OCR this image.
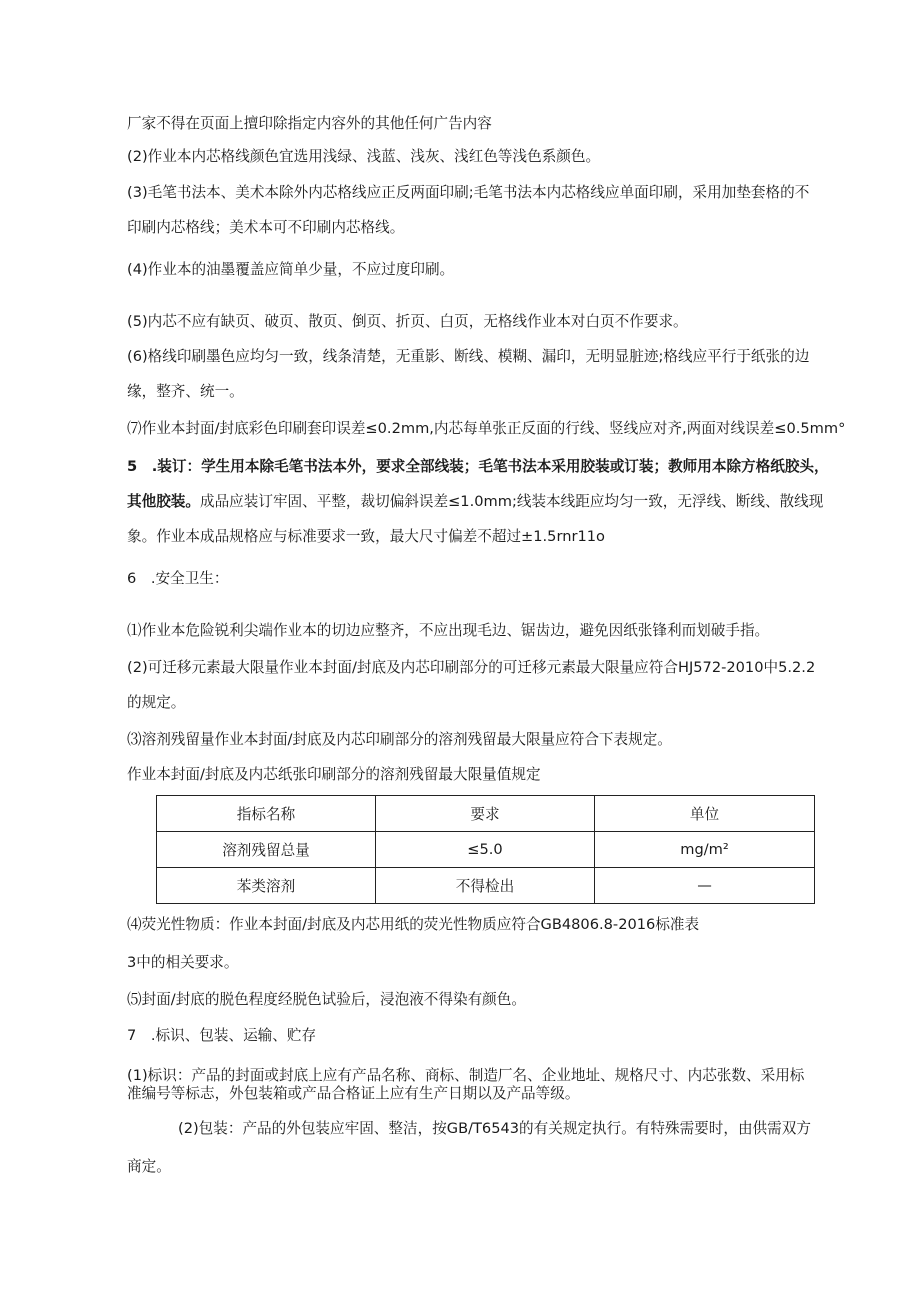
厂家不得在页面上擅印除指定内容外的其他任何广告内容

(2)作业本内芯格线颜色宜选用浅绿、浅蓝、浅灰、浅红色等浅色系颜色。

(3)毛笔书法本、美术本除外内芯格线应正反两面印刷;毛笔书法本内芯格线应单面印刷，采用加垫套格的不

印刷内芯格线；美术本可不印刷内芯格线。

(4)作业本的油墨覆盖应简单少量，不应过度印刷。

(5)内芯不应有缺页、破页、散页、倒页、折页、白页，无格线作业本对白页不作要求。

(6)格线印刷墨色应均匀一致，线条清楚，无重影、断线、模糊、漏印，无明显脏迹;格线应平行于纸张的边

缘，整齐、统一。

⑺作业本封面/封底彩色印刷套印误差≤0.2mm,内芯每单张正反面的行线、竖线应对齐,两面对线误差≤0.5mm°

5　.装订：学生用本除毛笔书法本外，要求全部线装；毛笔书法本采用胶装或订装；教师用本除方格纸胶头，

其他胶装。成品应装订牢固、平整，裁切偏斜误差≤1.0mm;线装本线距应均匀一致，无浮线、断线、散线现

象。作业本成品规格应与标准要求一致，最大尺寸偏差不超过±1.5rnr11o

6　.安全卫生：

⑴作业本危险锐利尖端作业本的切边应整齐，不应出现毛边、锯齿边，避免因纸张锋利而划破手指。

(2)可迁移元素最大限量作业本封面/封底及内芯印刷部分的可迁移元素最大限量应符合HJ572-2010中5.2.2

的规定。

⑶溶剂残留量作业本封面/封底及内芯印刷部分的溶剂残留最大限量应符合下表规定。

作业本封面/封底及内芯纸张印刷部分的溶剂残留最大限量值规定

指标名称	要求	单位
溶剂残留总量	≤5.0	mg/m²
苯类溶剂	不得检出	—

⑷荧光性物质：作业本封面/封底及内芯用纸的荧光性物质应符合GB4806.8-2016标准表

3中的相关要求。

⑸封面/封底的脱色程度经脱色试验后，浸泡液不得染有颜色。

7　.标识、包装、运输、贮存

(1)标识：产品的封面或封底上应有产品名称、商标、制造厂名、企业地址、规格尺寸、内芯张数、采用标

准编号等标志，外包装箱或产品合格证上应有生产日期以及产品等级。

(2)包装：产品的外包装应牢固、整洁，按GB/T6543的有关规定执行。有特殊需要时，由供需双方

商定。
